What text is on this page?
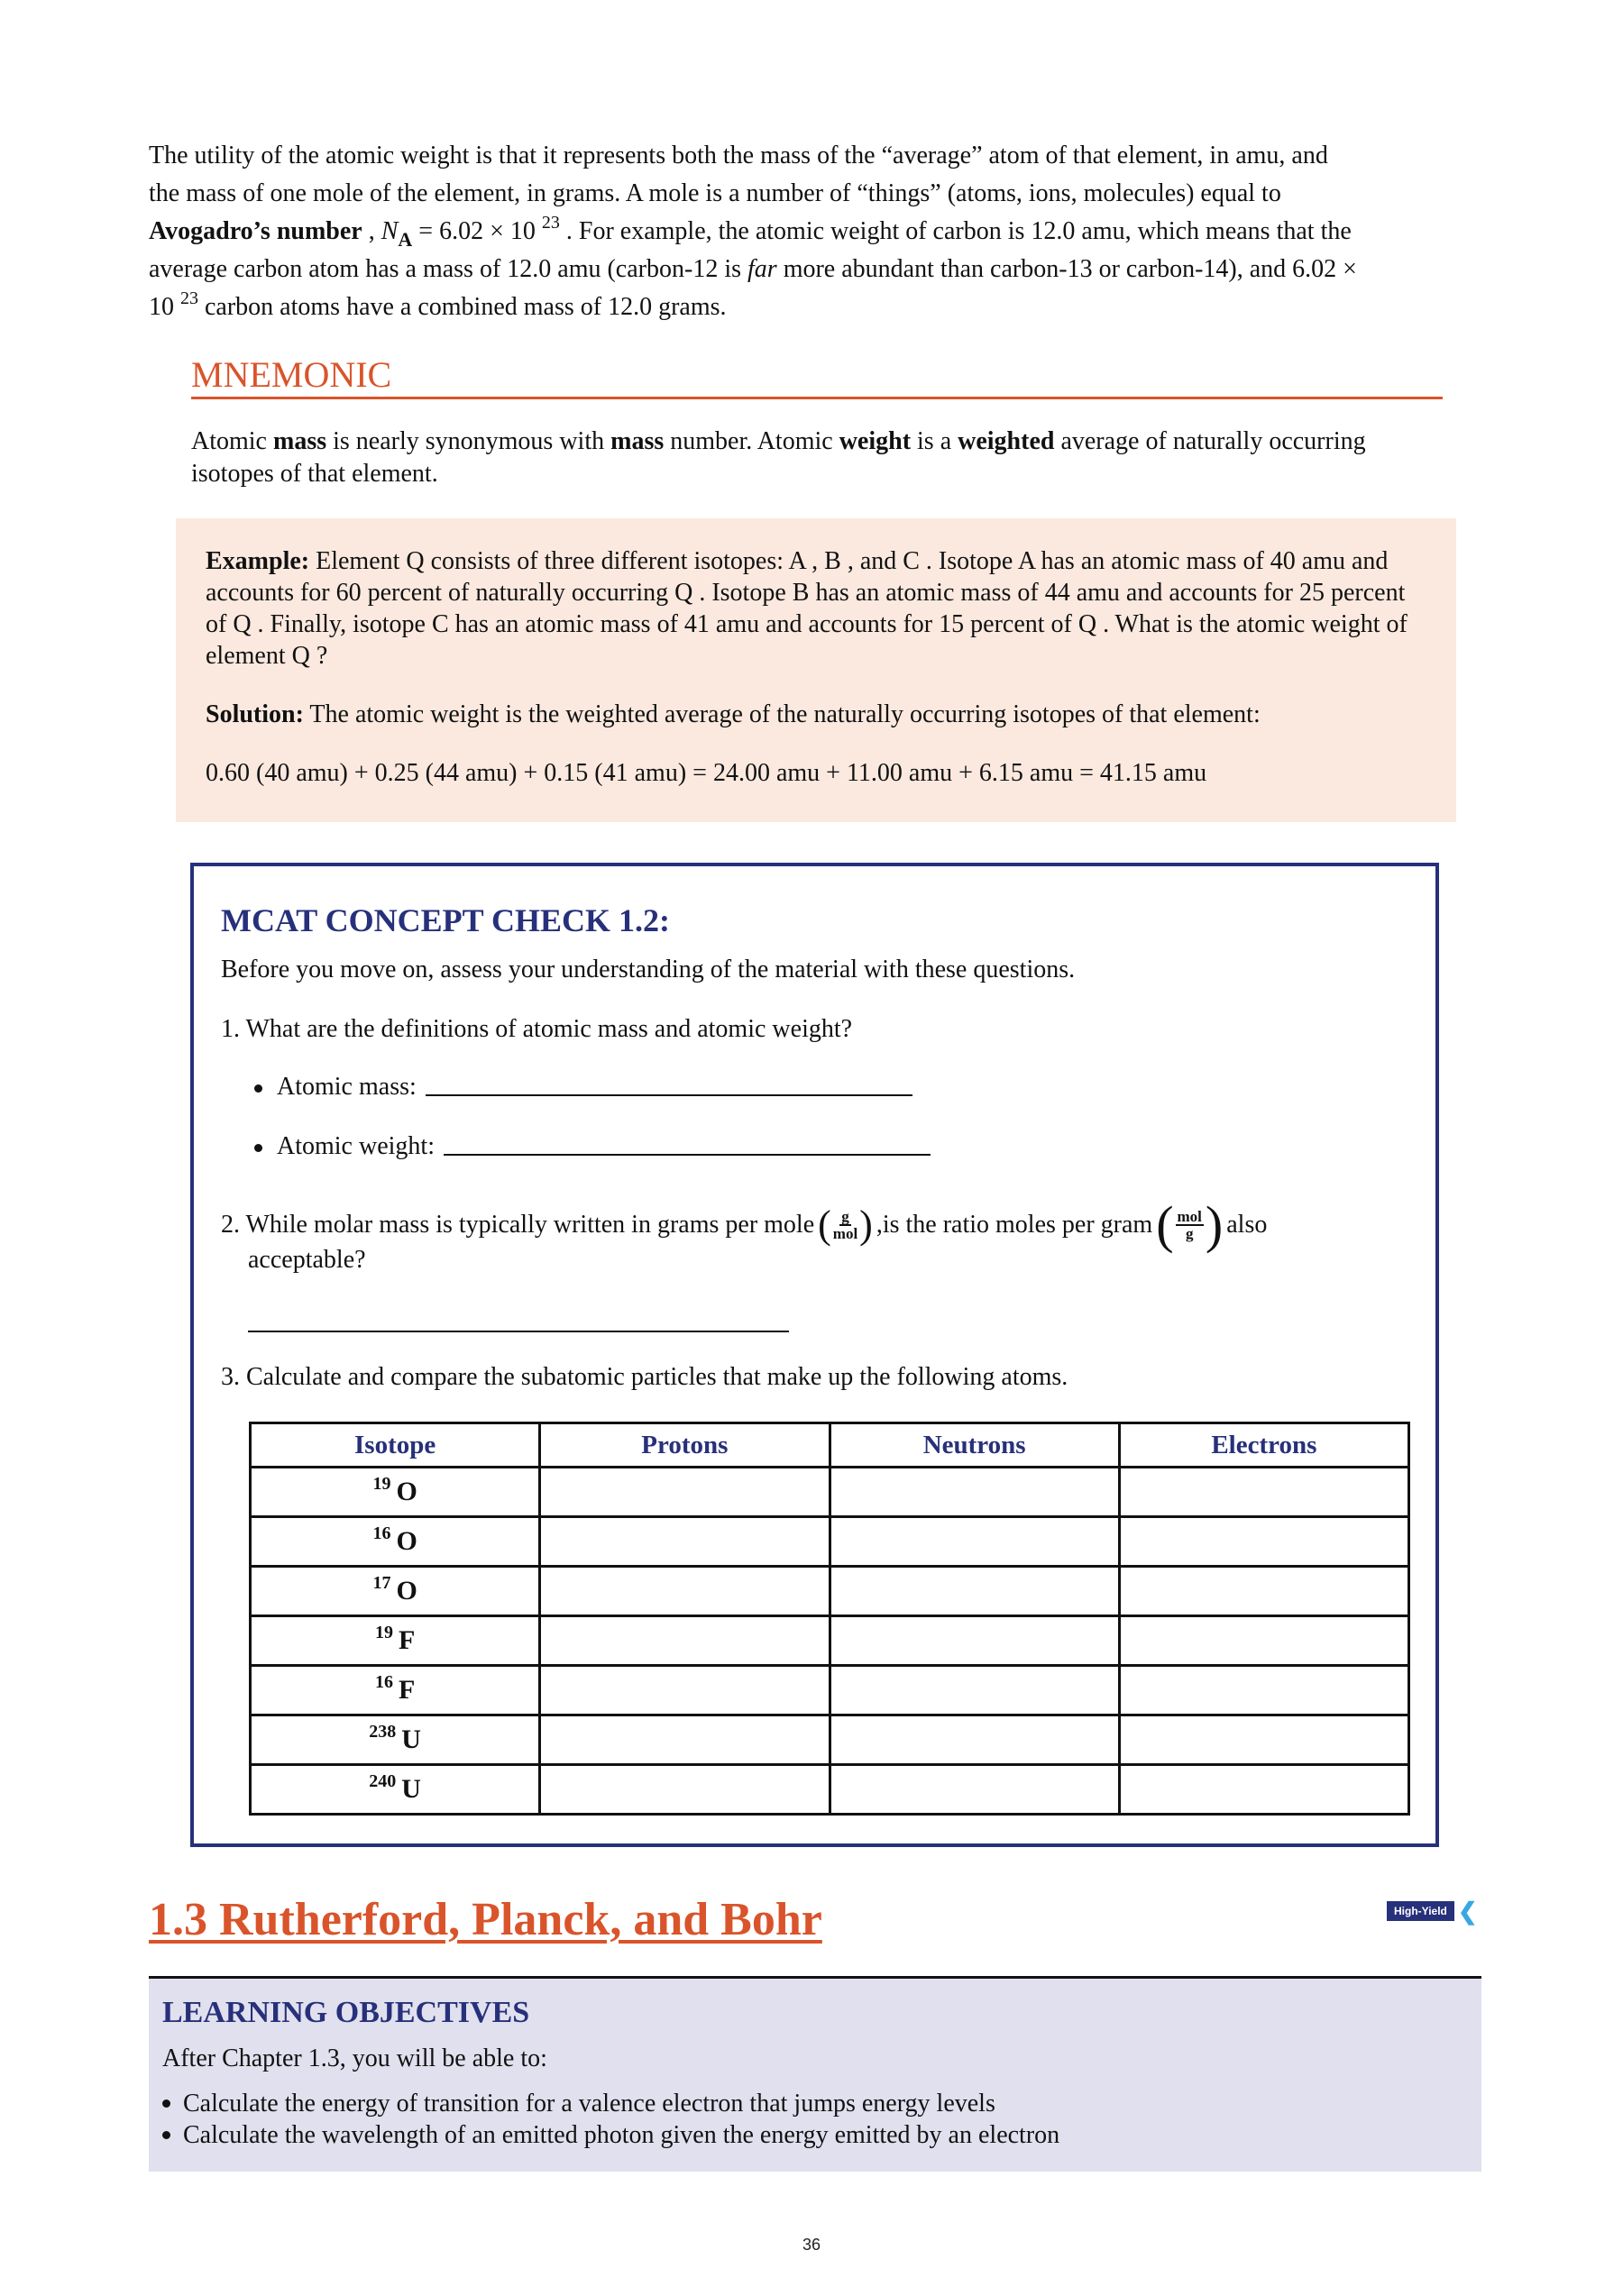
The utility of the atomic weight is that it represents both the mass of the “average” atom of that element, in amu, and
the mass of one mole of the element, in grams. A mole is a number of “things” (atoms, ions, molecules) equal to
Avogadro’s number , $N_A = 6.02 \times 10$ $^{23}$ . For example, the atomic weight of carbon is 12.0 amu, which means that the
average carbon atom has a mass of 12.0 amu (carbon-12 is far more abundant than carbon-13 or carbon-14), and 6.02 ×
10 $^{23}$ carbon atoms have a combined mass of 12.0 grams.
MNEMONIC
Atomic mass is nearly synonymous with mass number. Atomic weight is a weighted average of naturally occurring isotopes of that element.

Example: Element Q consists of three different isotopes: A , B , and C . Isotope A has an atomic mass of 40 amu and accounts for 60 percent of naturally occurring Q . Isotope B has an atomic mass of 44 amu and accounts for 25 percent of Q . Finally, isotope C has an atomic mass of 41 amu and accounts for 15 percent of Q . What is the atomic weight of element Q ?

Solution: The atomic weight is the weighted average of the naturally occurring isotopes of that element:

0.60 (40 amu) + 0.25 (44 amu) + 0.15 (41 amu) = 24.00 amu + 11.00 amu + 6.15 amu = 41.15 amu

MCAT CONCEPT CHECK 1.2:
Before you move on, assess your understanding of the material with these questions.
1. What are the definitions of atomic mass and atomic weight?
Atomic mass:
Atomic weight:
2. While molar mass is typically written in grams per mole ( g
mol ) ,is the ratio moles per gram ( mol
g ) also
acceptable?
3. Calculate and compare the subatomic particles that make up the following atoms.
Isotope	Protons	Neutrons	Electrons
$^{19}$ O			
$^{16}$ O			
$^{17}$ O			
$^{19}$ F			
$^{16}$ F			
$^{238}$ U			
$^{240}$ U			
1.3 Rutherford, Planck, and Bohr	High-Yield ❮
LEARNING OBJECTIVES
After Chapter 1.3, you will be able to:
Calculate the energy of transition for a valence electron that jumps energy levels
Calculate the wavelength of an emitted photon given the energy emitted by an electron
36
